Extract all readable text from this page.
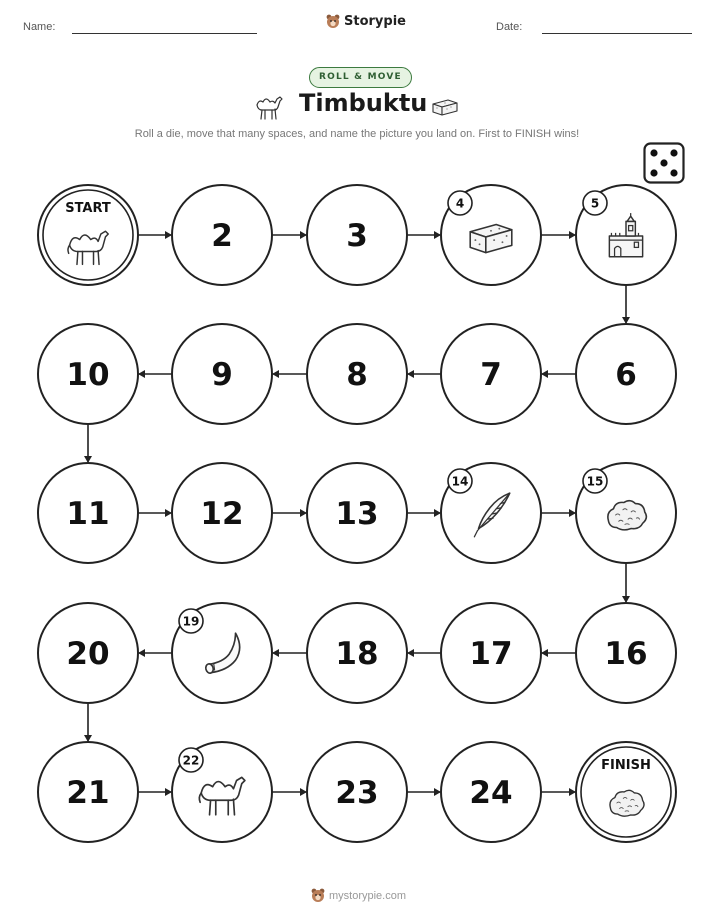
Name:	Storypie	Date:
ROLL & MOVE
Timbuktu
Roll a die, move that many spaces, and name the picture you land on. First to FINISH wins!
START
2	3
4	5
6
7
8
9
10
11	12	13
14	15
16
17
18
19
20
21
22
23	24
FINISH
mystorypie.com
